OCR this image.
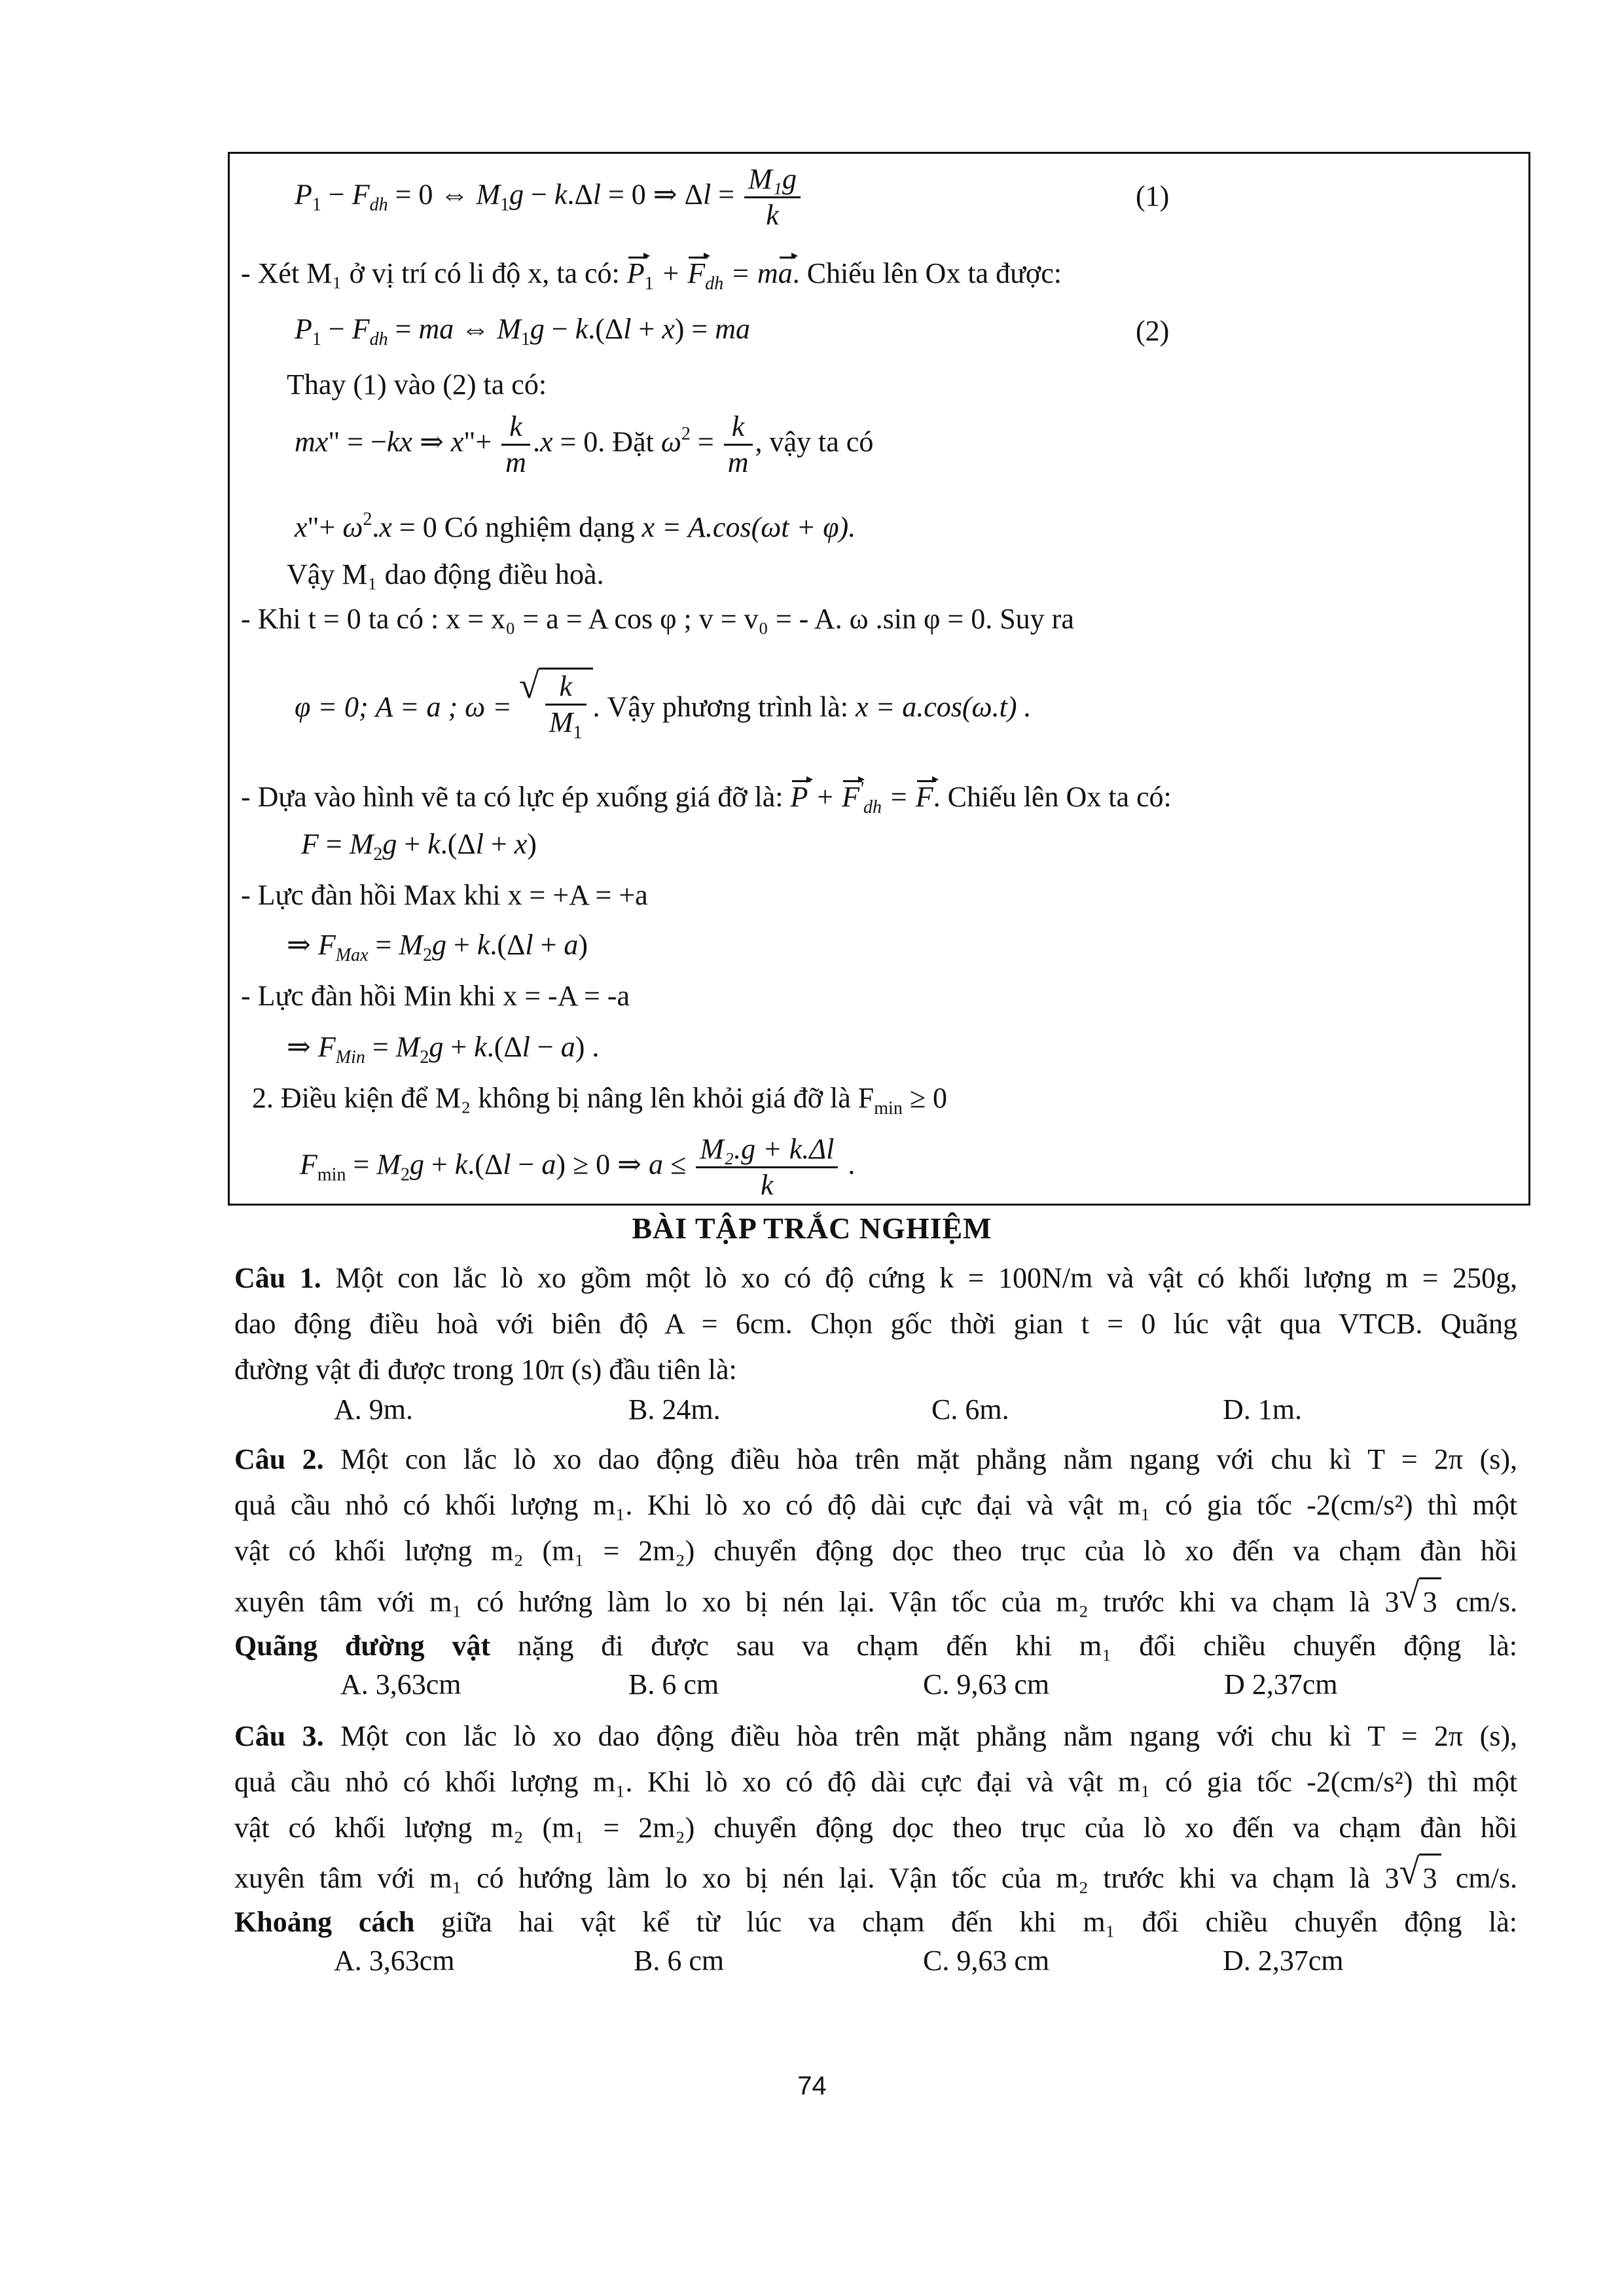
$P_1 - F_{dh} = 0$ ⇔ $M_1g - k.\Delta l = 0$ ⇒ $\Delta l = \frac{\text{M₁g}}{k}$	(1)
- Xét M₁ ở vị trí có li độ x, ta có: $P_1 + F_{dh}$ = ma. Chiếu lên Ox ta được:
$P_1 - F_{dh}$ = ma ⇔ $M_1g - k.(\Delta l + x)$ = ma	(2)
Thay (1) vào (2) ta có:
mx" = −kx ⇒ x"+ $\frac{k}{m} .x = 0$. Đặt $\omega^2 = \frac{k}{m}$ , vậy ta có
x"+ $\omega^2.x = 0$ Có nghiệm dạng x = A.cos(ωt + φ).
Vậy M₁ dao động điều hoà.
- Khi t = 0 ta có : x = x₀ = a = A cos φ ; v = v₀ = - A. ω .sin φ = 0. Suy ra
φ = 0; A = a ; ω =
√ $\frac{k}{M_1}$ . Vậy phương trình là: x = a.cos(ω.t) .
- Dựa vào hình vẽ ta có lực ép xuống giá đỡ là: $P + F'_{dh} = F$. Chiếu lên Ox ta có:
$F = M_2g + k.(\Delta l + x)$
- Lực đàn hồi Max khi x = +A = +a
⇒ $F_{Max} = M_2g + k.(\Delta l + a)$
- Lực đàn hồi Min khi x = -A = -a
⇒ $F_{Min} = M_2g + k.(\Delta l - a)$ .
2. Điều kiện để M₂ không bị nâng lên khỏi giá đỡ là $F_{min} \ge 0$
$F_{min} = M_2g + k.(\Delta l - a) \ge 0$ ⇒ $a \le \frac{\text{M₂.g + k.Δl}}{k}$ .
BÀI TẬP TRẮC NGHIỆM
Câu 1. Một con lắc lò xo gồm một lò xo có độ cứng k = 100N/m và vật có khối lượng m = 250g,
dao động điều hoà với biên độ A = 6cm. Chọn gốc thời gian t = 0 lúc vật qua VTCB. Quãng
đường vật đi được trong 10π (s) đầu tiên là:
A. 9m.	B. 24m.	C. 6m.	D. 1m.
Câu 2. Một con lắc lò xo dao động điều hòa trên mặt phẳng nằm ngang với chu kì T = 2π (s),
quả cầu nhỏ có khối lượng m₁. Khi lò xo có độ dài cực đại và vật m₁ có gia tốc -2(cm/s²) thì một
vật có khối lượng m₂ (m₁ = 2m₂) chuyển động dọc theo trục của lò xo đến va chạm đàn hồi
xuyên tâm với m₁ có hướng làm lo xo bị nén lại. Vận tốc của m₂ trước khi va chạm là 3 √ 3 cm/s.
Quãng đường vật nặng đi được sau va chạm đến khi m₁ đổi chiều chuyển động là:
A. 3,63cm	B. 6 cm	C. 9,63 cm	D 2,37cm
Câu 3. Một con lắc lò xo dao động điều hòa trên mặt phẳng nằm ngang với chu kì T = 2π (s),
quả cầu nhỏ có khối lượng m₁. Khi lò xo có độ dài cực đại và vật m₁ có gia tốc -2(cm/s²) thì một
vật có khối lượng m₂ (m₁ = 2m₂) chuyển động dọc theo trục của lò xo đến va chạm đàn hồi
xuyên tâm với m₁ có hướng làm lo xo bị nén lại. Vận tốc của m₂ trước khi va chạm là 3 √ 3 cm/s.
Khoảng cách giữa hai vật kể từ lúc va chạm đến khi m₁ đổi chiều chuyển động là:
A. 3,63cm	B. 6 cm	C. 9,63 cm	D. 2,37cm
74
